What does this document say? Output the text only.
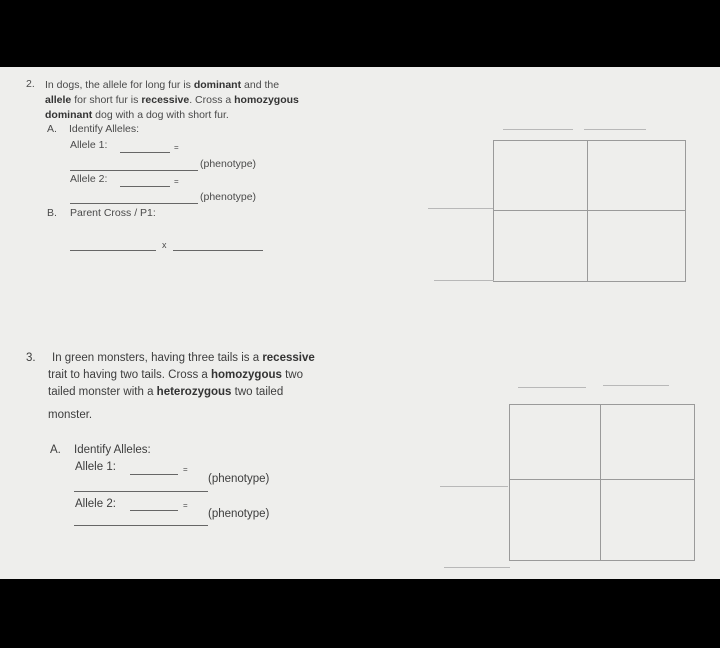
2. In dogs, the allele for long fur is dominant and the
allele for short fur is recessive. Cross a homozygous
dominant dog with a dog with short fur.
A. Identify Alleles:
Allele 1:	=
(phenotype)
Allele 2:	=
(phenotype)
B. Parent Cross / P1:
x
3. In green monsters, having three tails is a recessive
trait to having two tails. Cross a homozygous two
tailed monster with a heterozygous two tailed
monster.
A. Identify Alleles:
Allele 1:	=
(phenotype)
Allele 2:	=
(phenotype)
